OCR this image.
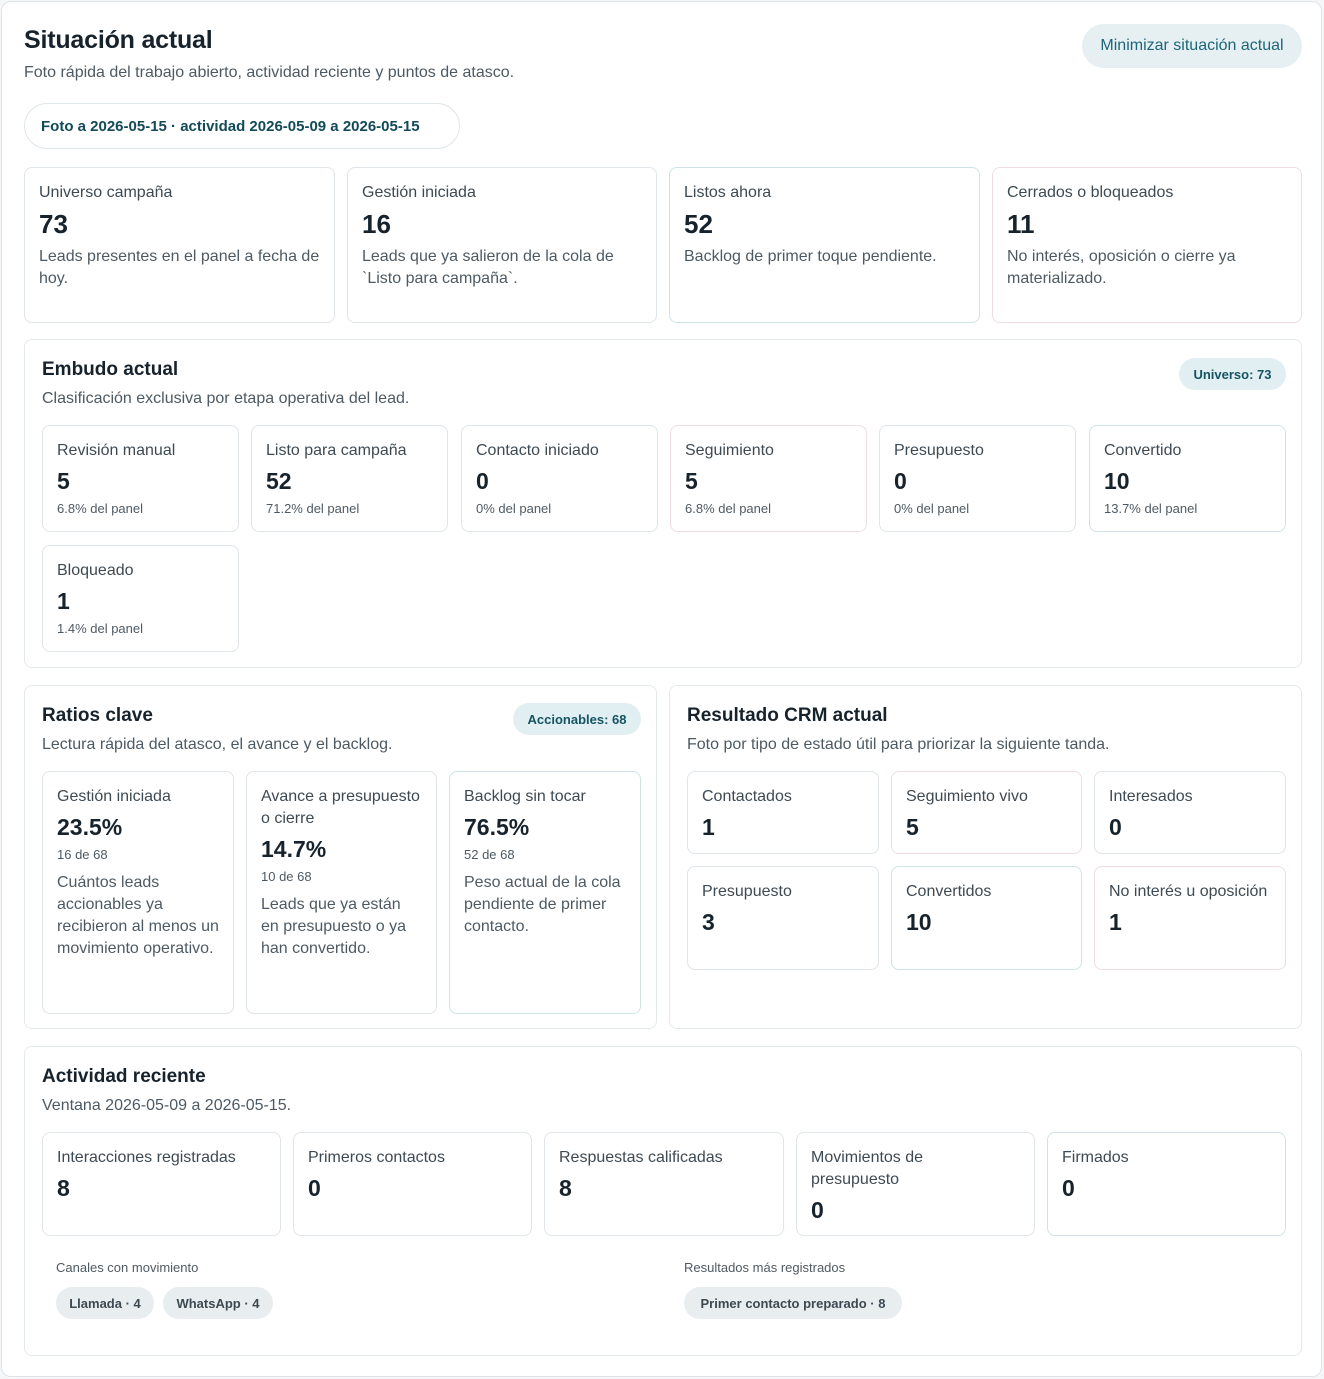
Situación actual
Foto rápida del trabajo abierto, actividad reciente y puntos de atasco.
Minimizar situación actual
Foto a 2026-05-15 · actividad 2026-05-09 a 2026-05-15
Universo campaña
73
Leads presentes en el panel a fecha de hoy.
Gestión iniciada
16
Leads que ya salieron de la cola de `Listo para campaña`.
Listos ahora
52
Backlog de primer toque pendiente.
Cerrados o bloqueados
11
No interés, oposición o cierre ya materializado.
Embudo actual
Clasificación exclusiva por etapa operativa del lead.
Universo: 73
Revisión manual
5
6.8% del panel
Listo para campaña
52
71.2% del panel
Contacto iniciado
0
0% del panel
Seguimiento
5
6.8% del panel
Presupuesto
0
0% del panel
Convertido
10
13.7% del panel
Bloqueado
1
1.4% del panel
Ratios clave
Lectura rápida del atasco, el avance y el backlog.
Accionables: 68
Gestión iniciada
23.5%
16 de 68
Cuántos leads accionables ya recibieron al menos un movimiento operativo.
Avance a presupuesto o cierre
14.7%
10 de 68
Leads que ya están en presupuesto o ya han convertido.
Backlog sin tocar
76.5%
52 de 68
Peso actual de la cola pendiente de primer contacto.
Resultado CRM actual
Foto por tipo de estado útil para priorizar la siguiente tanda.
Contactados
1
Seguimiento vivo
5
Interesados
0
Presupuesto
3
Convertidos
10
No interés u oposición
1
Actividad reciente
Ventana 2026-05-09 a 2026-05-15.
Interacciones registradas
8
Primeros contactos
0
Respuestas calificadas
8
Movimientos de presupuesto
0
Firmados
0
Canales con movimiento
Llamada · 4	WhatsApp · 4
Resultados más registrados
Primer contacto preparado · 8
